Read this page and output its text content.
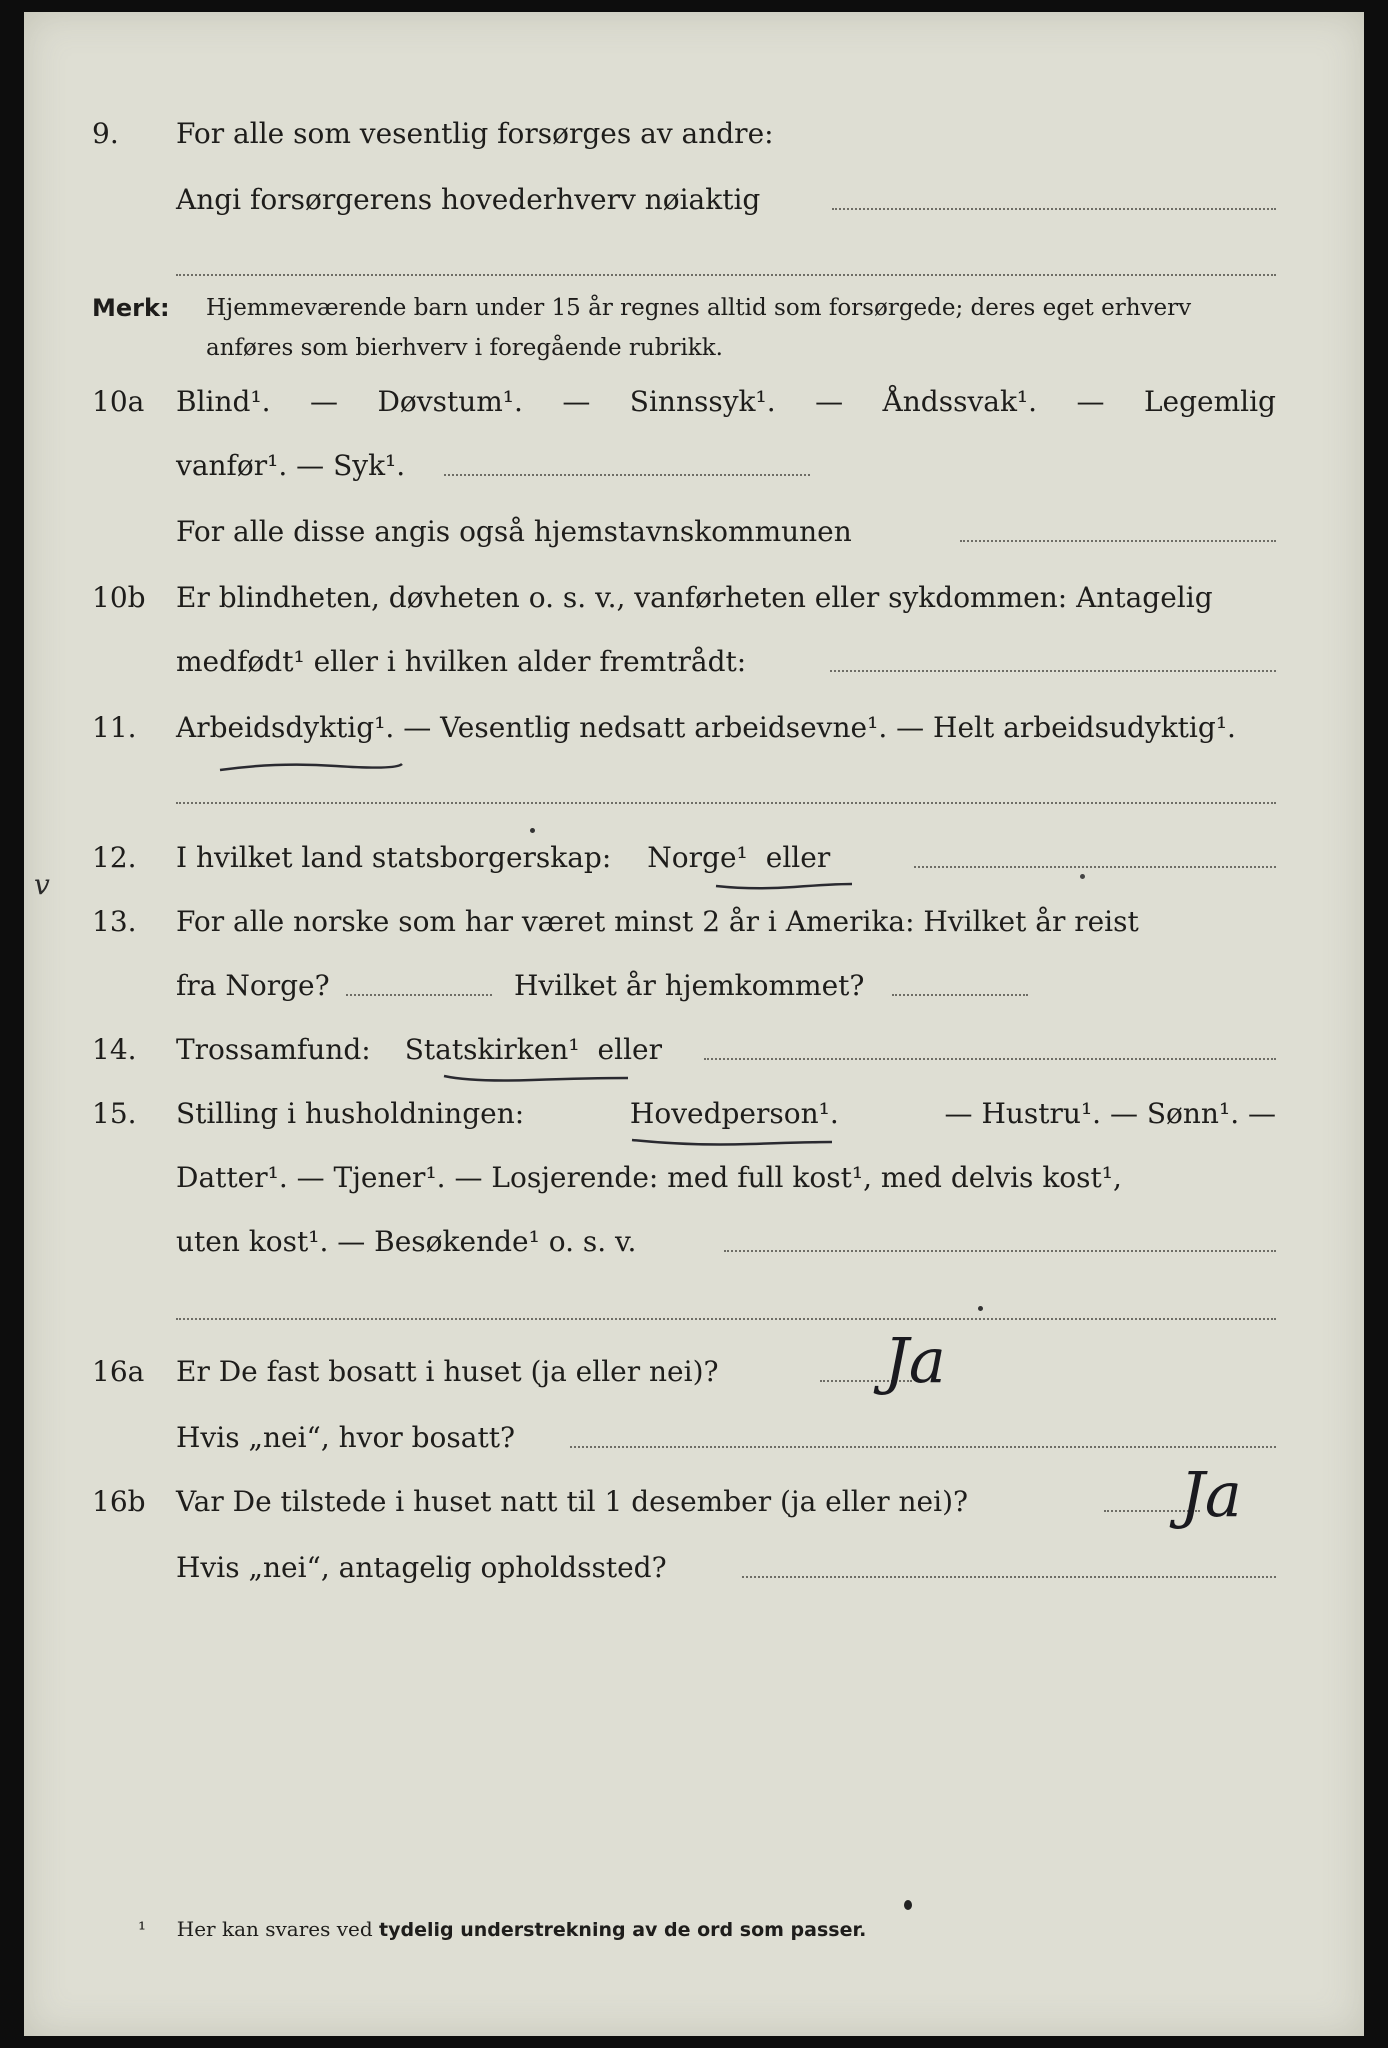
9.	For alle som vesentlig forsørges av andre:
Angi forsørgerens hovederhverv nøiaktig
Merk: Hjemmeværende barn under 15 år regnes alltid som forsørgede; deres eget erhverv
anføres som bierhverv i foregående rubrikk.
10a	Blind¹. — Døvstum¹. — Sinnssyk¹. — Åndssvak¹. — Legemlig
vanfør¹. — Syk¹.
For alle disse angis også hjemstavnskommunen
10b	Er blindheten, døvheten o. s. v., vanførheten eller sykdommen: Antagelig
medfødt¹ eller i hvilken alder fremtrådt:
11.	Arbeidsdyktig¹. — Vesentlig nedsatt arbeidsevne¹. — Helt arbeidsudyktig¹.
v
12.	I hvilket land statsborgerskap: Norge¹ eller
13.	For alle norske som har været minst 2 år i Amerika: Hvilket år reist
fra Norge?	Hvilket år hjemkommet?
14.	Trossamfund: Statskirken¹ eller
15.	Stilling i husholdningen:	Hovedperson¹.	— Hustru¹. — Sønn¹. —
Datter¹. — Tjener¹. — Losjerende: med full kost¹, med delvis kost¹,
uten kost¹. — Besøkende¹ o. s. v.
16a	Er De fast bosatt i huset (ja eller nei)?	Ja
Hvis „nei“, hvor bosatt?
16b	Var De tilstede i huset natt til 1 desember (ja eller nei)?	Ja
Hvis „nei“, antagelig opholdssted?
¹ Her kan svares ved tydelig understrekning av de ord som passer.
